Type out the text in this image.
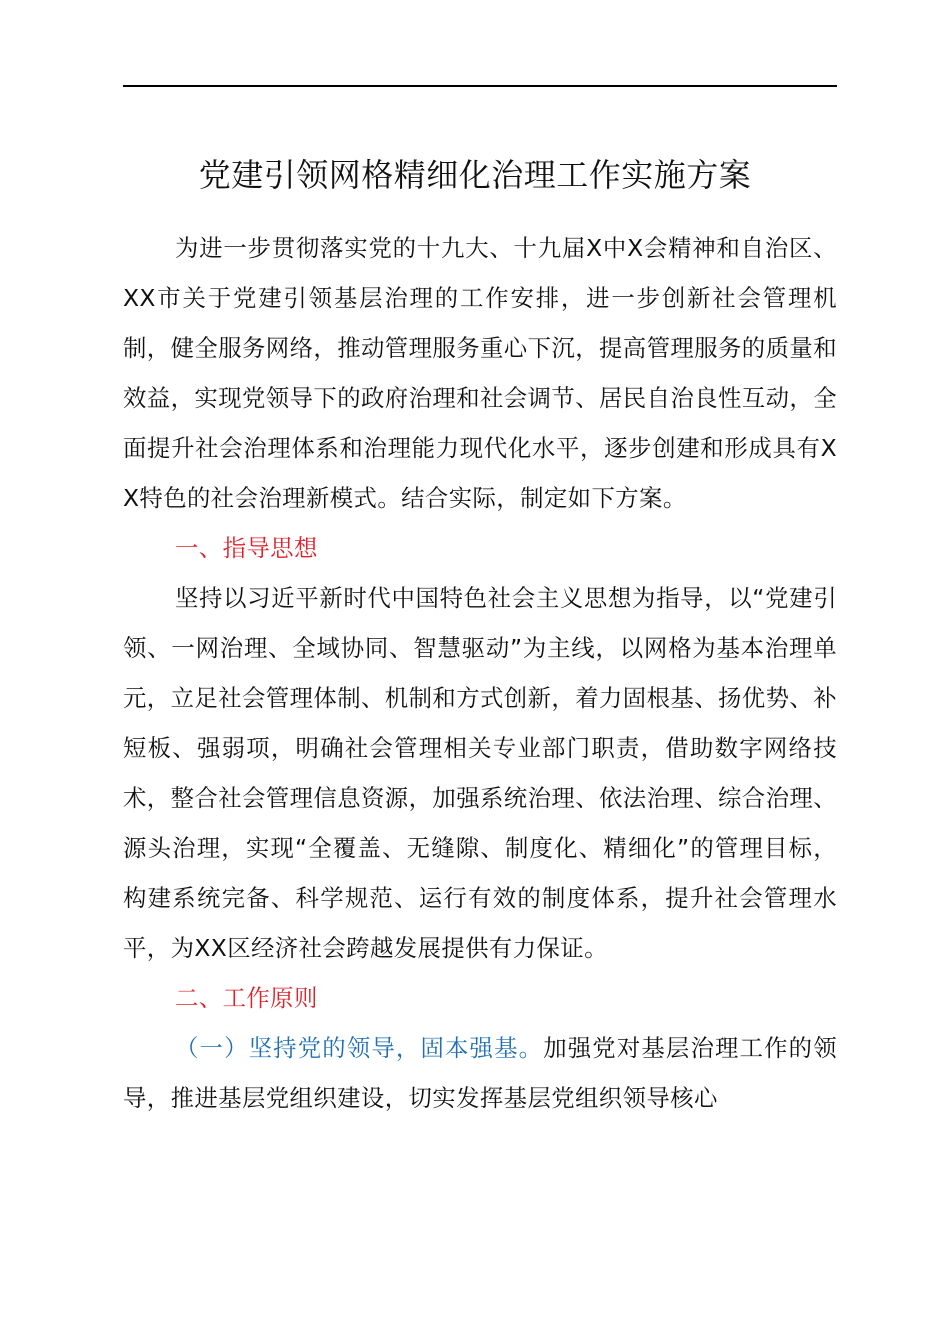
党建引领网格精细化治理工作实施方案

为进一步贯彻落实党的十九大、十九届X中X会精神和自治区、XX市关于党建引领基层治理的工作安排，进一步创新社会管理机制，健全服务网络，推动管理服务重心下沉，提高管理服务的质量和效益，实现党领导下的政府治理和社会调节、居民自治良性互动，全面提升社会治理体系和治理能力现代化水平，逐步创建和形成具有XX特色的社会治理新模式。结合实际，制定如下方案。

一、指导思想

坚持以习近平新时代中国特色社会主义思想为指导，以“党建引领、一网治理、全域协同、智慧驱动”为主线，以网格为基本治理单元，立足社会管理体制、机制和方式创新，着力固根基、扬优势、补短板、强弱项，明确社会管理相关专业部门职责，借助数字网络技术，整合社会管理信息资源，加强系统治理、依法治理、综合治理、源头治理，实现“全覆盖、无缝隙、制度化、精细化”的管理目标，构建系统完备、科学规范、运行有效的制度体系，提升社会管理水平，为XX区经济社会跨越发展提供有力保证。

二、工作原则

（一）坚持党的领导，固本强基。加强党对基层治理工作的领导，推进基层党组织建设，切实发挥基层党组织领导核心
